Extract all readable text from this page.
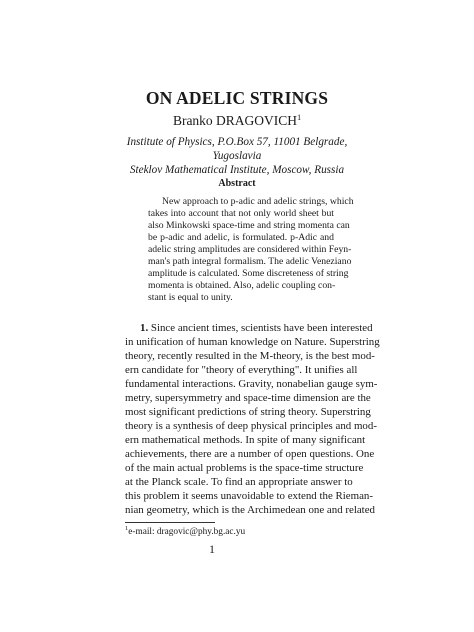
ON ADELIC STRINGS
Branko DRAGOVICH$^1$
Institute of Physics, P.O.Box 57, 11001 Belgrade,
Yugoslavia
Steklov Mathematical Institute, Moscow, Russia
Abstract
New approach to p-adic and adelic strings, which
takes into account that not only world sheet but
also Minkowski space-time and string momenta can
be p-adic and adelic, is formulated. p-Adic and
adelic string amplitudes are considered within Feyn-
man's path integral formalism. The adelic Veneziano
amplitude is calculated. Some discreteness of string
momenta is obtained. Also, adelic coupling con-
stant is equal to unity.
1. Since ancient times, scientists have been interested
in unification of human knowledge on Nature. Superstring
theory, recently resulted in the M-theory, is the best mod-
ern candidate for "theory of everything". It unifies all
fundamental interactions. Gravity, nonabelian gauge sym-
metry, supersymmetry and space-time dimension are the
most significant predictions of string theory. Superstring
theory is a synthesis of deep physical principles and mod-
ern mathematical methods. In spite of many significant
achievements, there are a number of open questions. One
of the main actual problems is the space-time structure
at the Planck scale. To find an appropriate answer to
this problem it seems unavoidable to extend the Rieman-
nian geometry, which is the Archimedean one and related
$^1$e-mail: dragovic@phy.bg.ac.yu
1
